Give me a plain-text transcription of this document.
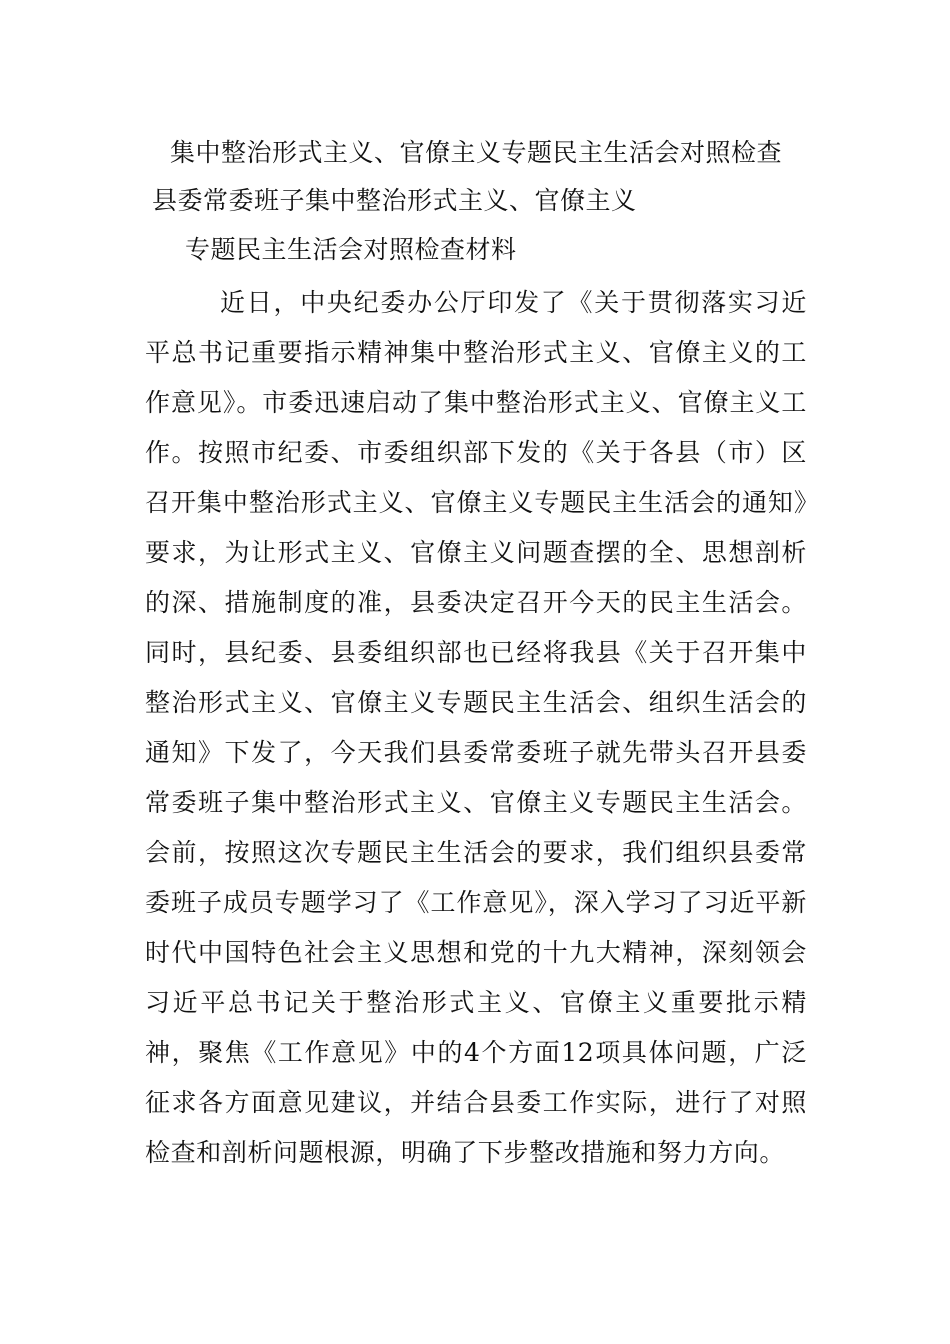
集中整治形式主义、官僚主义专题民主生活会对照检查
县委常委班子集中整治形式主义、官僚主义
专题民主生活会对照检查材料

近日，中央纪委办公厅印发了《关于贯彻落实习近平总书记重要指示精神集中整治形式主义、官僚主义的工作意见》。市委迅速启动了集中整治形式主义、官僚主义工作。按照市纪委、市委组织部下发的《关于各县（市）区召开集中整治形式主义、官僚主义专题民主生活会的通知》要求，为让形式主义、官僚主义问题查摆的全、思想剖析的深、措施制度的准，县委决定召开今天的民主生活会。同时，县纪委、县委组织部也已经将我县《关于召开集中整治形式主义、官僚主义专题民主生活会、组织生活会的通知》下发了，今天我们县委常委班子就先带头召开县委常委班子集中整治形式主义、官僚主义专题民主生活会。会前，按照这次专题民主生活会的要求，我们组织县委常委班子成员专题学习了《工作意见》，深入学习了习近平新时代中国特色社会主义思想和党的十九大精神，深刻领会习近平总书记关于整治形式主义、官僚主义重要批示精神，聚焦《工作意见》中的4个方面12项具体问题，广泛征求各方面意见建议，并结合县委工作实际，进行了对照检查和剖析问题根源，明确了下步整改措施和努力方向。
